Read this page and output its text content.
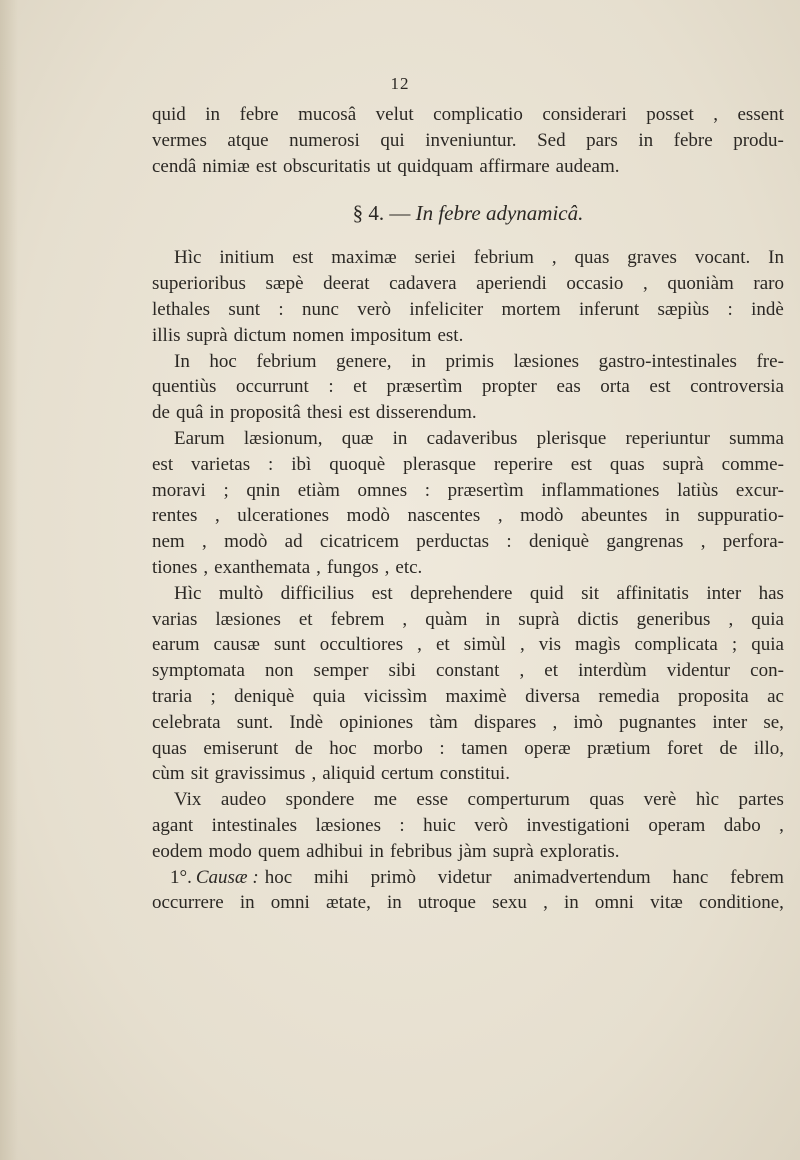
12
quid in febre mucosâ velut complicatio considerari posset , essent
vermes atque numerosi qui inveniuntur. Sed pars in febre produ-
cendâ nimiæ est obscuritatis ut quidquam affirmare audeam.
§ 4. — In febre adynamicâ.
Hìc initium est maximæ seriei febrium , quas graves vocant. In
superioribus sæpè deerat cadavera aperiendi occasio , quoniàm raro
lethales sunt : nunc verò infeliciter mortem inferunt sæpiùs : indè
illis suprà dictum nomen impositum est.
In hoc febrium genere, in primis læsiones gastro-intestinales fre-
quentiùs occurrunt : et præsertìm propter eas orta est controversia
de quâ in propositâ thesi est disserendum.
Earum læsionum, quæ in cadaveribus plerisque reperiuntur summa
est varietas : ibì quoquè plerasque reperire est quas suprà comme-
moravi ; qnin etiàm omnes : præsertìm inflammationes latiùs excur-
rentes , ulcerationes modò nascentes , modò abeuntes in suppuratio-
nem , modò ad cicatricem perductas : deniquè gangrenas , perfora-
tiones , exanthemata , fungos , etc.
Hìc multò difficilius est deprehendere quid sit affinitatis inter has
varias læsiones et febrem , quàm in suprà dictis generibus , quia
earum causæ sunt occultiores , et simùl , vis magìs complicata ; quia
symptomata non semper sibi constant , et interdùm videntur con-
traria ; deniquè quia vicissìm maximè diversa remedia proposita ac
celebrata sunt. Indè opiniones tàm dispares , imò pugnantes inter se,
quas emiserunt de hoc morbo : tamen operæ prætium foret de illo,
cùm sit gravissimus , aliquid certum constitui.
Vix audeo spondere me esse comperturum quas verè hìc partes
agant intestinales læsiones : huic verò investigationi operam dabo ,
eodem modo quem adhibui in febribus jàm suprà exploratis.
1°. Causæ : hoc mihi primò videtur animadvertendum hanc febrem
occurrere in omni ætate, in utroque sexu , in omni vitæ conditione,
